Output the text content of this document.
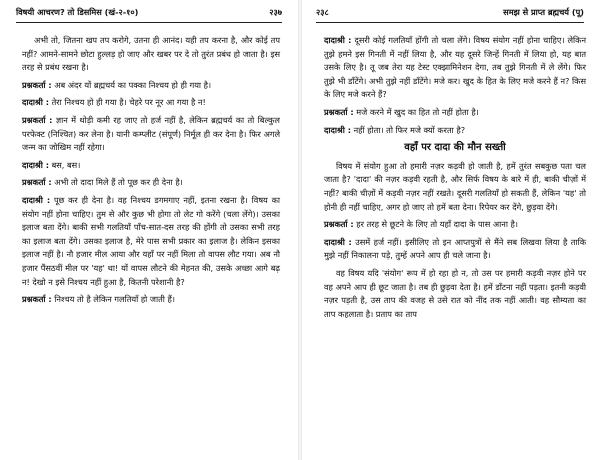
विषयी आचरण? तो डिसमिस (खं-२-१०)	२३७

अभी तो, जितना खप तप करोगे, उतना ही आनंद। यही तप करना है, और कोई तप नहीं? आमने-सामने छोटा हुल्लड़ हो जाए और खबर पर दे तो तुरंत प्रबंध हो जाता है। इस तरह से प्रबंध रखना है।

प्रश्नकर्ता : अब अंदर यों ब्रह्मचर्य का पक्का निश्चय हो ही गया है।

दादाश्री : तेरा निश्चय हो ही गया है। चेहरे पर नूर आ गया है न!

प्रश्नकर्ता : ज्ञान में थोड़ी कमी रह जाए तो हर्ज नहीं है, लेकिन ब्रह्मचर्य का तो बिल्कुल परफेक्ट (निश्चित) कर लेना है। यानी कम्प्लीट (संपूर्ण) निर्मूल ही कर देना है। फिर अगले जन्म का जोखिम नहीं रहेगा।

दादाश्री : बस, बस।

प्रश्नकर्ता : अभी तो दादा मिले हैं तो पूछ कर ही देना है।

दादाश्री : पूछ कर ही देना है। वह निश्चय डगमगाए नहीं, इतना रखना है। विषय का संयोग नहीं होना चाहिए। तुम से और कुछ भी होगा तो लेट गो करेंगे (चला लेंगे)। उसका इलाज बता देंगे। बाकी सभी गलतियाँ पाँच-सात-दस तरह की होंगी तो उसका सभी तरह का इलाज बता देंगे। उसका इलाज है, मेरे पास सभी प्रकार का इलाज है। लेकिन इसका इलाज नहीं है। नौ हजार मील आया और यहाँ पर नहीं मिला तो वापस लौट गया। अब नौ हजार पैंसठवीं मील पर 'यह' था! यों वापस लौटने की मेहनत की, उसके अच्छा आगे बढ़ न! देखो न इसे निश्चय नहीं हुआ है, कितनी परेशानी है?

प्रश्नकर्ता : निश्चय तो है लेकिन गलतियाँ हो जाती हैं।

२३८	समझ से प्राप्त ब्रह्मचर्य (पू)

दादाश्री : दूसरी कोई गलतियाँ होंगी तो चला लेंगे। विषय संयोग नहीं होना चाहिए। लेकिन तुझे हमने इस गिनती में नहीं लिया है, और यह दूसरे जिन्हें गिनती में लिया हो, यह बात उसके लिए है। तू जब तेरा यह टेस्ट एक्झामिनेशन देगा, तब तुझे गिनती में ले लेंगे। फिर तुझे भी डाँटेंगे। अभी तुझे नहीं डाँटेंगे। मजे कर। खुद के हित के लिए मजे करने हैं न? किस के लिए मजे करने हैं?

प्रश्नकर्ता : मजे करने में खुद का हित तो नहीं होता है।

दादाश्री : नहीं होता। तो फिर मजे क्यों करता है?

वहाँ पर दादा की मौन सख्ती

विषय में संयोग हुआ तो हमारी नज़र कड़वी हो जाती है, हमें तुरंत सबकुछ पता चल जाता है? 'दादा' की नज़र कड़वी रहती है, और सिर्फ विषय के बारे में ही, बाकी चीज़ों में नहीं? बाकी चीज़ों में कड़वी नज़र नहीं रखते। दूसरी गलतियाँ हो सकती हैं, लेकिन 'यह' तो होनी ही नहीं चाहिए, अगर हो जाए तो हमें बता देना। रिपेयर कर देंगे, छुड़वा देंगे।

प्रश्नकर्ता : हर तरह से छूटने के लिए तो यहाँ दादा के पास आना है।

दादाश्री : उसमें हर्ज नहीं। इसीलिए तो इन आप्तपुत्रों से मैंने सब लिखवा लिया है ताकि मुझे नहीं निकालना पड़े, तुम्हें अपने आप ही चले जाना है।

वह विषय यदि 'संयोग' रूप में हो रहा हो न, तो उस पर हमारी कड़वी नज़र होने पर वह अपने आप ही छूट जाता है। तब ही छुड़वा देता है। हमें डाँटना नहीं पड़ता। इतनी कड़वी नज़र पड़ती है, उस ताप की वजह से उसे रात को नींद तक नहीं आती। वह सौम्यता का ताप कहलाता है। प्रताप का ताप
